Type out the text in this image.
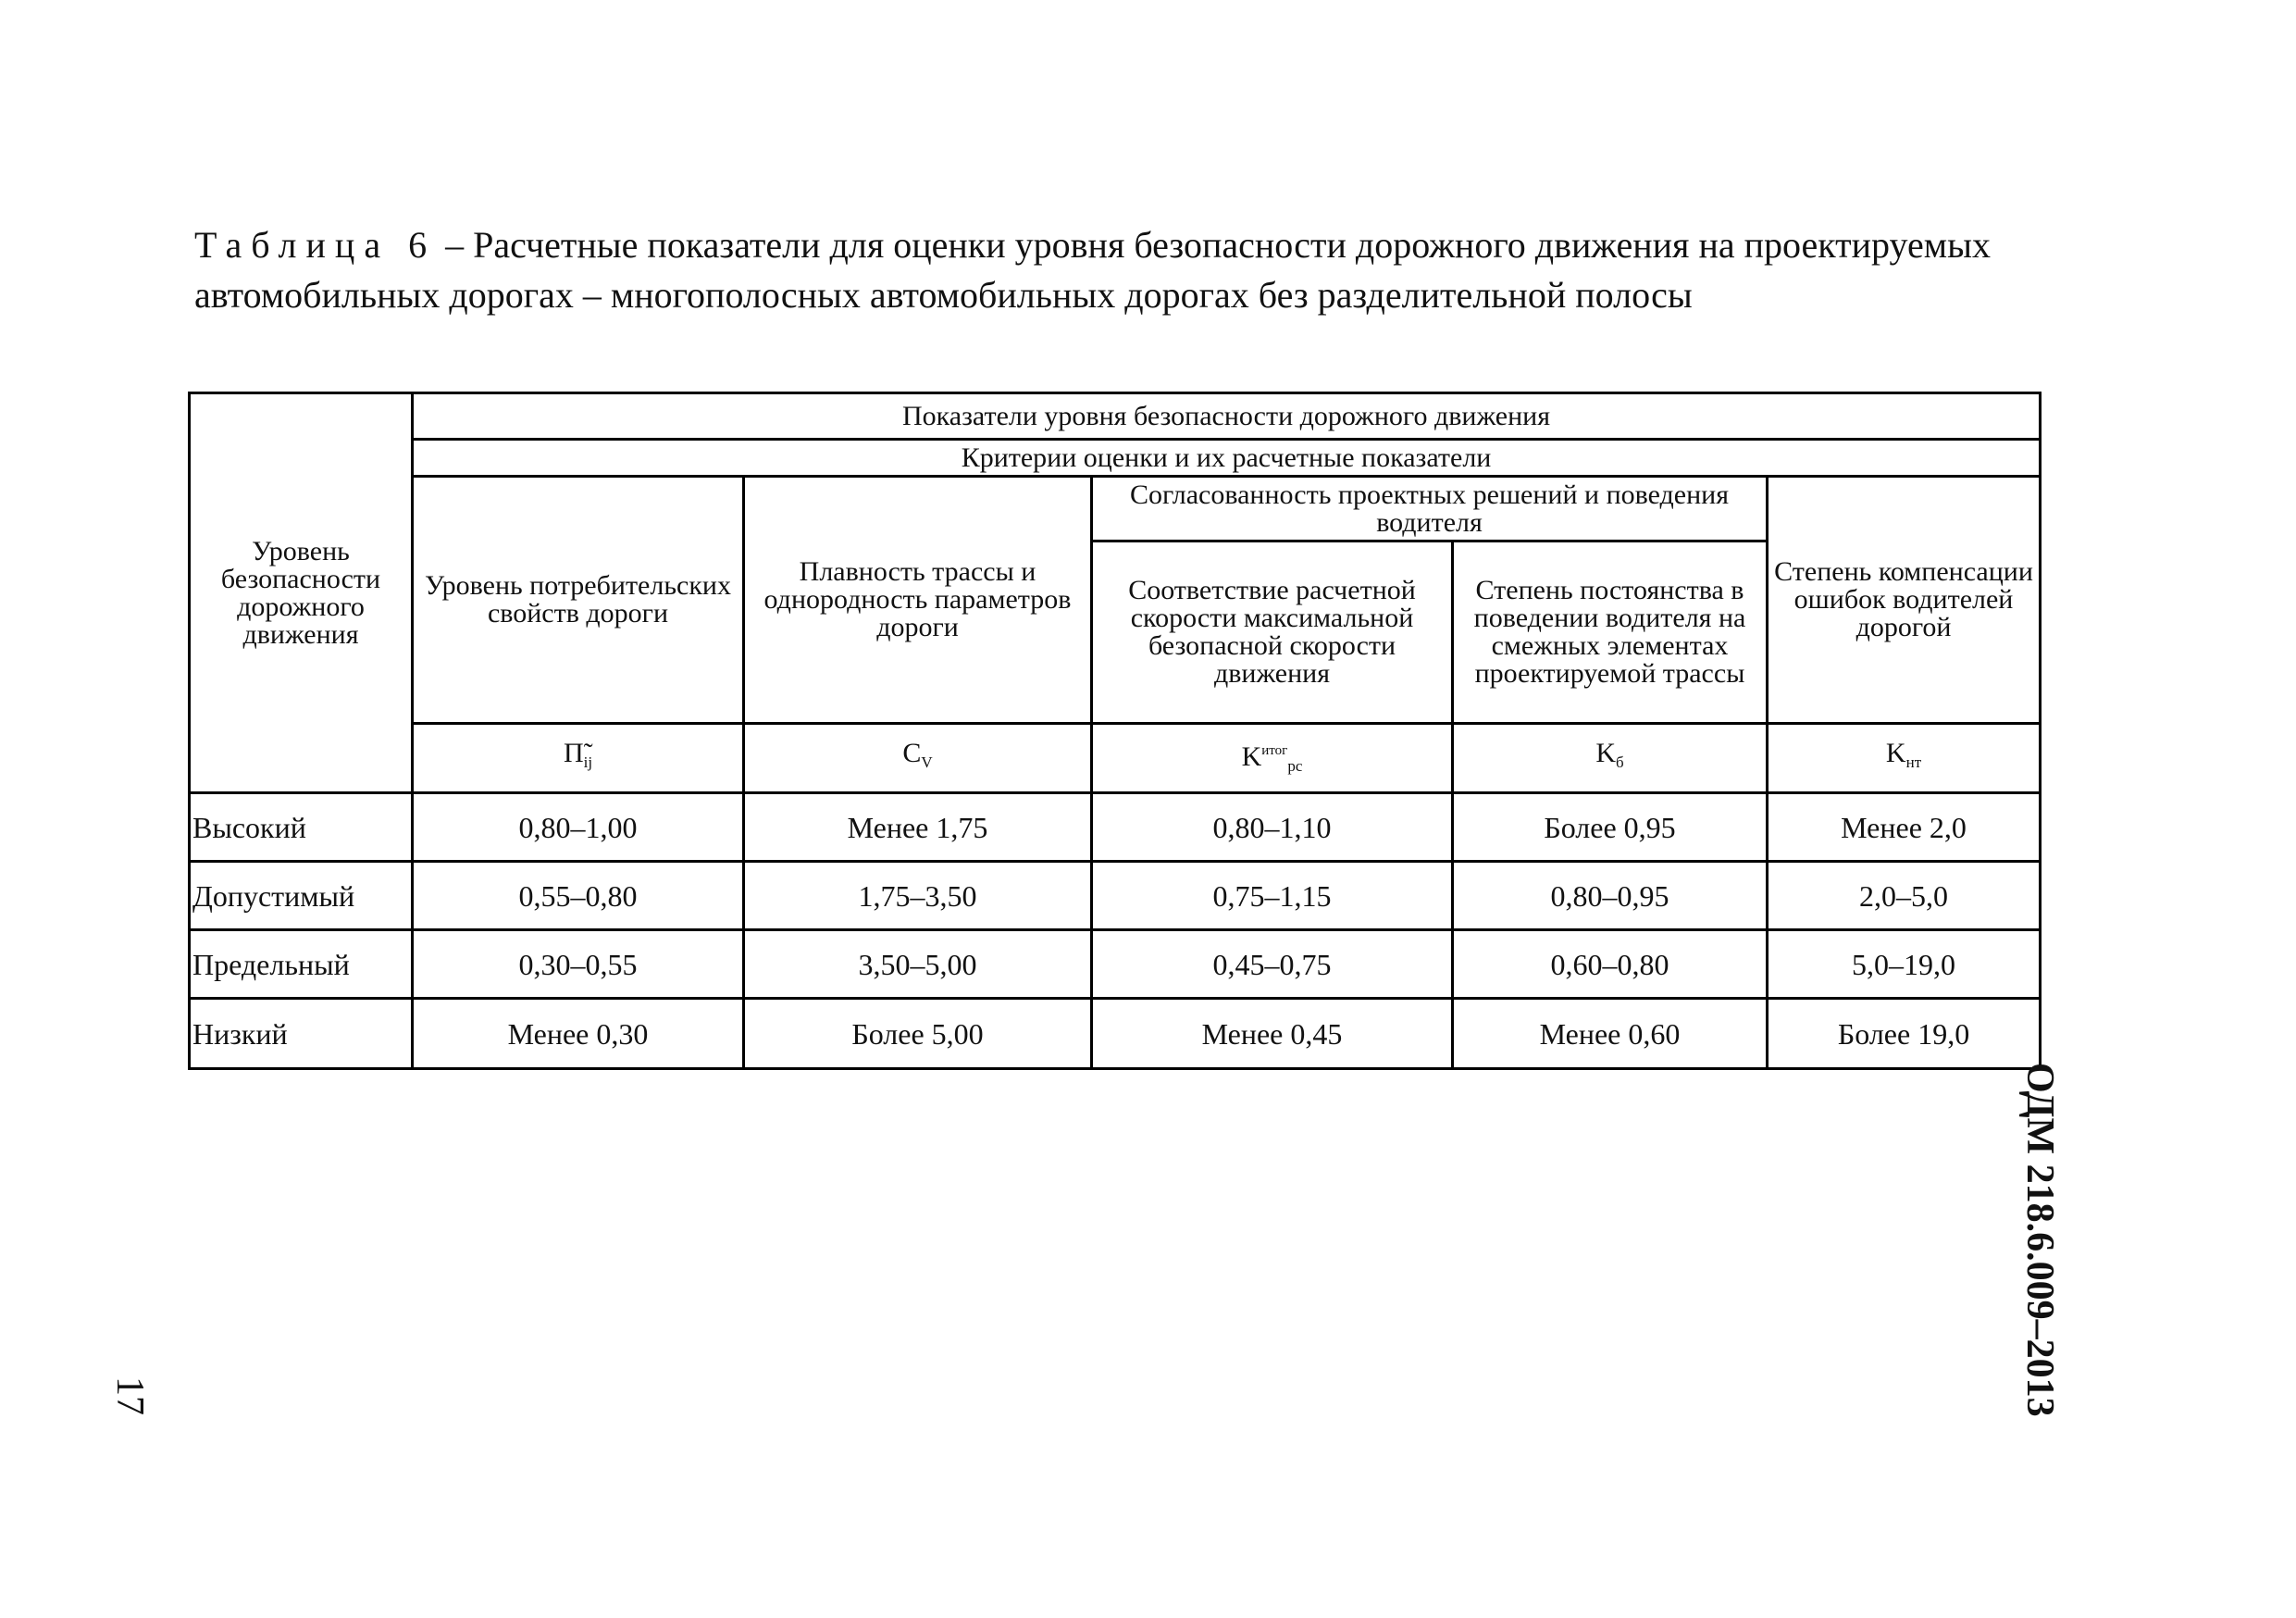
Таблица 6 – Расчетные показатели для оценки уровня безопасности дорожного движения на проектируемых автомобильных дорогах – многополосных автомобильных дорогах без разделительной полосы
Уровень безопасности дорожного движения	Показатели уровня безопасности дорожного движения				
	Критерии оценки и их расчетные показатели				
	Уровень потребительских свойств дороги	Плавность трассы и однородность параметров дороги	Согласованность проектных решений и поведения водителя		Степень компенсации ошибок водителей дорогой
			Соответствие расчетной скорости максимальной безопасной скорости движения	Степень постоянства в поведении водителя на смежных элементах проектируемой трассы	
	$П̃_{ij}$	$C_V$	$K^{итог}_{рс}$	$K_б$	$K_{нт}$
Высокий	0,80–1,00	Менее 1,75	0,80–1,10	Более 0,95	Менее 2,0
Допустимый	0,55–0,80	1,75–3,50	0,75–1,15	0,80–0,95	2,0–5,0
Предельный	0,30–0,55	3,50–5,00	0,45–0,75	0,60–0,80	5,0–19,0
Низкий	Менее 0,30	Более 5,00	Менее 0,45	Менее 0,60	Более 19,0
ОДМ 218.6.009–2013
17
